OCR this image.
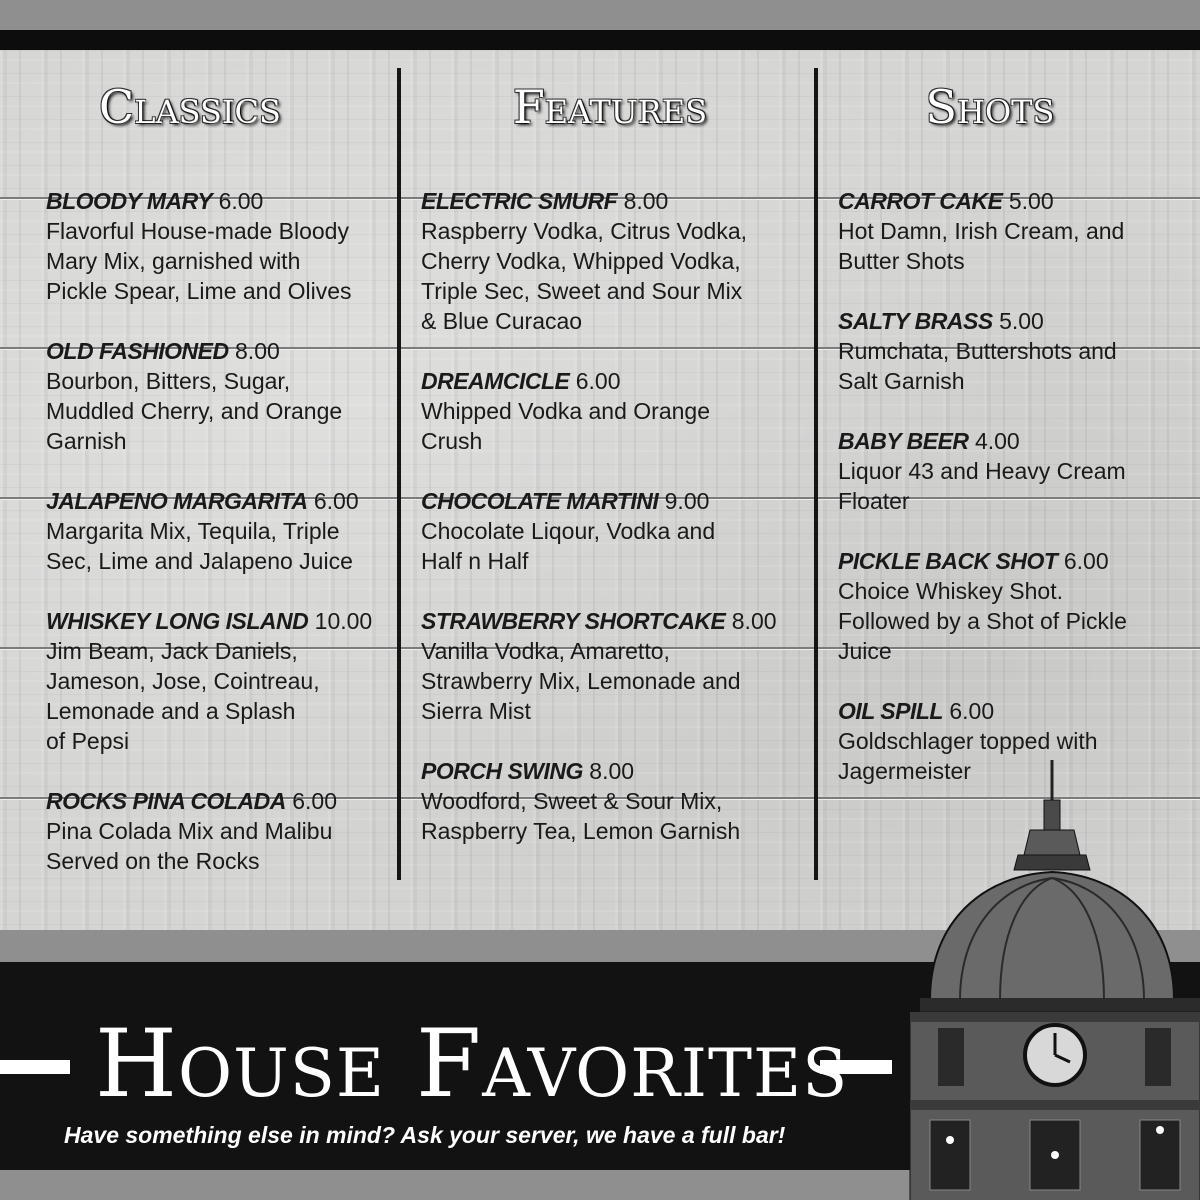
Classics	Features	Shots
BLOODY MARY 6.00
Flavorful House-made Bloody
Mary Mix, garnished with
Pickle Spear, Lime and Olives
OLD FASHIONED 8.00
Bourbon, Bitters, Sugar,
Muddled Cherry, and Orange
Garnish
JALAPENO MARGARITA 6.00
Margarita Mix, Tequila, Triple
Sec, Lime and Jalapeno Juice
WHISKEY LONG ISLAND 10.00
Jim Beam, Jack Daniels,
Jameson, Jose, Cointreau,
Lemonade and a Splash
of Pepsi
ROCKS PINA COLADA 6.00
Pina Colada Mix and Malibu
Served on the Rocks
ELECTRIC SMURF 8.00
Raspberry Vodka, Citrus Vodka,
Cherry Vodka, Whipped Vodka,
Triple Sec, Sweet and Sour Mix
& Blue Curacao
DREAMCICLE 6.00
Whipped Vodka and Orange
Crush
CHOCOLATE MARTINI 9.00
Chocolate Liqour, Vodka and
Half n Half
STRAWBERRY SHORTCAKE 8.00
Vanilla Vodka, Amaretto,
Strawberry Mix, Lemonade and
Sierra Mist
PORCH SWING 8.00
Woodford, Sweet & Sour Mix,
Raspberry Tea, Lemon Garnish
CARROT CAKE 5.00
Hot Damn, Irish Cream, and
Butter Shots
SALTY BRASS 5.00
Rumchata, Buttershots and
Salt Garnish
BABY BEER 4.00
Liquor 43 and Heavy Cream
Floater
PICKLE BACK SHOT 6.00
Choice Whiskey Shot.
Followed by a Shot of Pickle
Juice
OIL SPILL 6.00
Goldschlager topped with
Jagermeister
House Favorites
Have something else in mind? Ask your server, we have a full bar!
